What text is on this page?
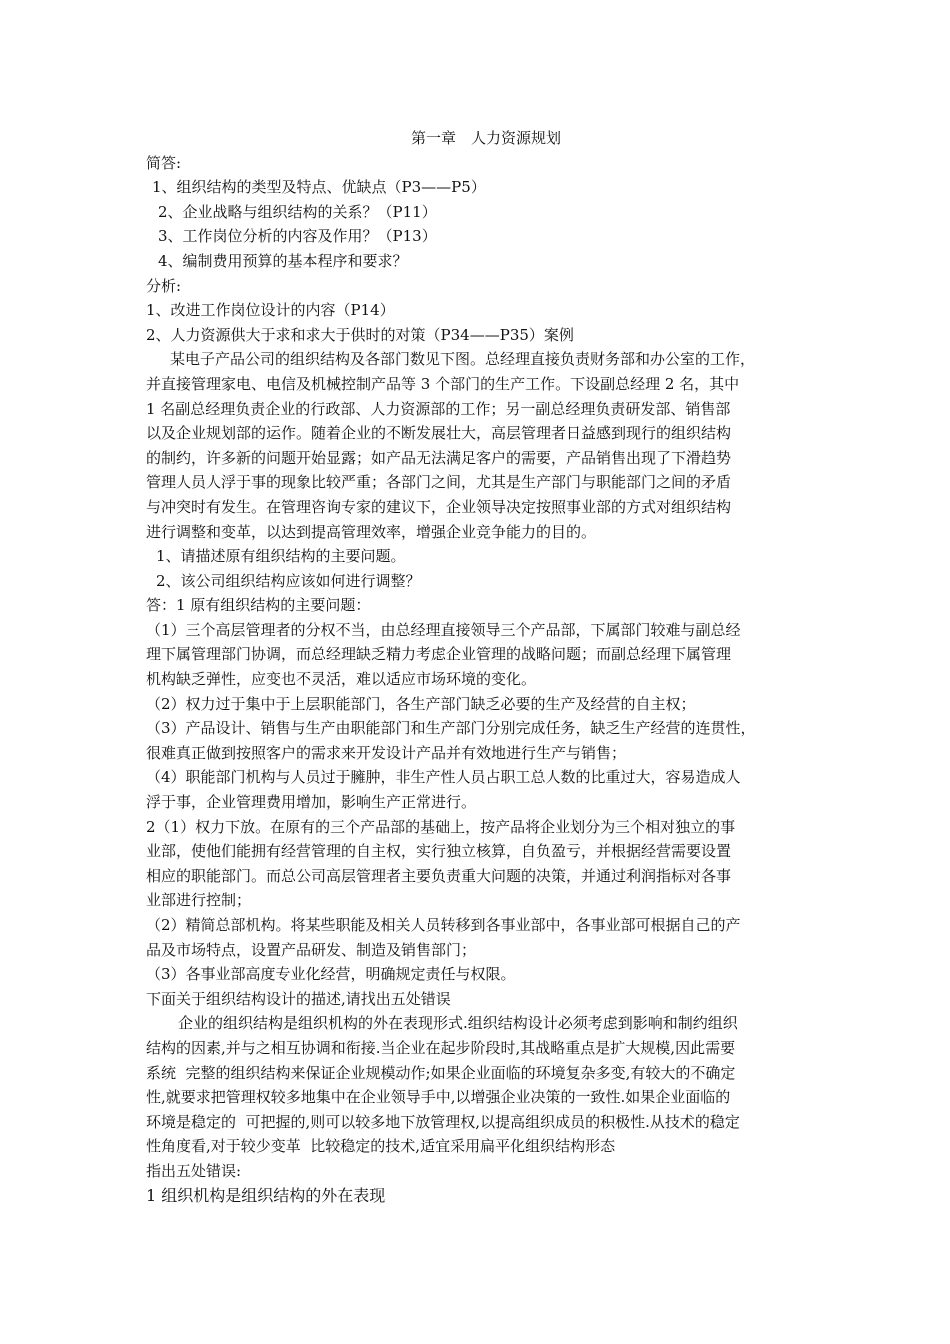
第一章　人力资源规划

简答:

1、组织结构的类型及特点、优缺点（P3——P5）

2、企业战略与组织结构的关系？（P11）

3、工作岗位分析的内容及作用？（P13）

4、编制费用预算的基本程序和要求？

分析:

1、改进工作岗位设计的内容（P14）

2、人力资源供大于求和求大于供时的对策（P34——P35）案例

某电子产品公司的组织结构及各部门数见下图。总经理直接负责财务部和办公室的工作，

并直接管理家电、电信及机械控制产品等 3 个部门的生产工作。下设副总经理 2 名，其中

1 名副总经理负责企业的行政部、人力资源部的工作；另一副总经理负责研发部、销售部

以及企业规划部的运作。随着企业的不断发展壮大，高层管理者日益感到现行的组织结构

的制约，许多新的问题开始显露；如产品无法满足客户的需要，产品销售出现了下滑趋势

管理人员人浮于事的现象比较严重；各部门之间，尤其是生产部门与职能部门之间的矛盾

与冲突时有发生。在管理咨询专家的建议下，企业领导决定按照事业部的方式对组织结构

进行调整和变革，以达到提高管理效率，增强企业竞争能力的目的。

1、请描述原有组织结构的主要问题。

2、该公司组织结构应该如何进行调整？

答：1 原有组织结构的主要问题：

（1）三个高层管理者的分权不当，由总经理直接领导三个产品部，下属部门较难与副总经

理下属管理部门协调，而总经理缺乏精力考虑企业管理的战略问题；而副总经理下属管理

机构缺乏弹性，应变也不灵活，难以适应市场环境的变化。

（2）权力过于集中于上层职能部门，各生产部门缺乏必要的生产及经营的自主权；

（3）产品设计、销售与生产由职能部门和生产部门分别完成任务，缺乏生产经营的连贯性，

很难真正做到按照客户的需求来开发设计产品并有效地进行生产与销售；

（4）职能部门机构与人员过于臃肿，非生产性人员占职工总人数的比重过大，容易造成人

浮于事，企业管理费用增加，影响生产正常进行。

2（1）权力下放。在原有的三个产品部的基础上，按产品将企业划分为三个相对独立的事

业部，使他们能拥有经营管理的自主权，实行独立核算，自负盈亏，并根据经营需要设置

相应的职能部门。而总公司高层管理者主要负责重大问题的决策，并通过利润指标对各事

业部进行控制；

（2）精简总部机构。将某些职能及相关人员转移到各事业部中，各事业部可根据自己的产

品及市场特点，设置产品研发、制造及销售部门；

（3）各事业部高度专业化经营，明确规定责任与权限。

下面关于组织结构设计的描述,请找出五处错误

企业的组织结构是组织机构的外在表现形式.组织结构设计必须考虑到影响和制约组织

结构的因素,并与之相互协调和衔接.当企业在起步阶段时,其战略重点是扩大规模,因此需要

系统  完整的组织结构来保证企业规模动作;如果企业面临的环境复杂多变,有较大的不确定

性,就要求把管理权较多地集中在企业领导手中,以增强企业决策的一致性.如果企业面临的

环境是稳定的  可把握的,则可以较多地下放管理权,以提高组织成员的积极性.从技术的稳定

性角度看,对于较少变革  比较稳定的技术,适宜采用扁平化组织结构形态

指出五处错误:

1 组织机构是组织结构的外在表现
